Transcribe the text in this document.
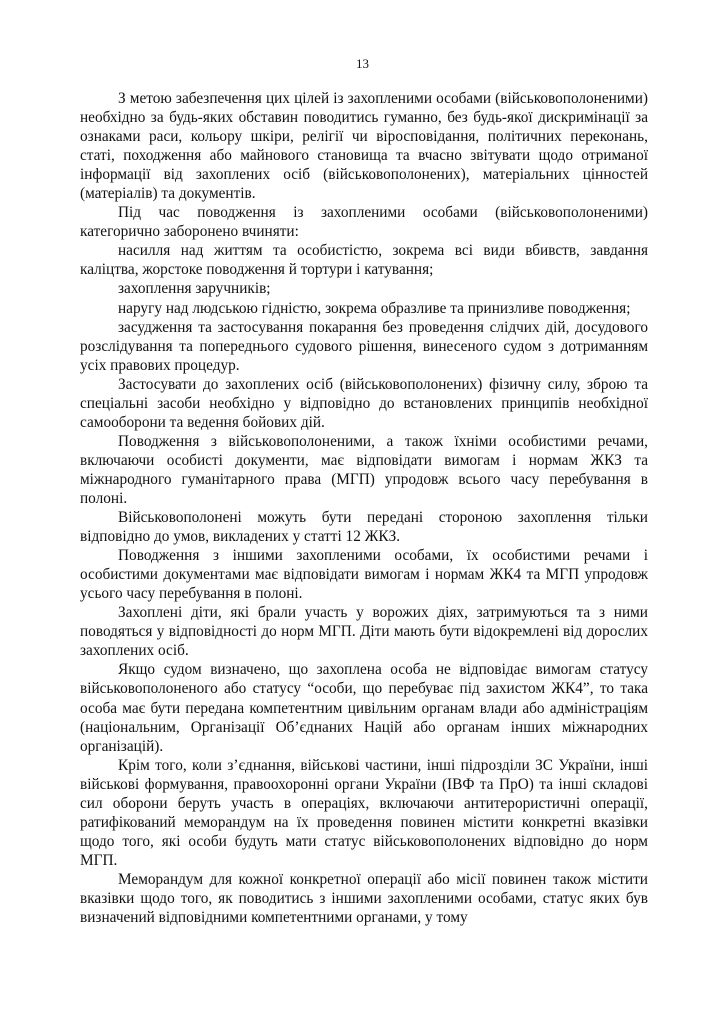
13

З метою забезпечення цих цілей із захопленими особами (військовополоненими) необхідно за будь-яких обставин поводитись гуманно, без будь-якої дискримінації за ознаками раси, кольору шкіри, релігії чи віросповідання, політичних переконань, статі, походження або майнового становища та вчасно звітувати щодо отриманої інформації від захоплених осіб (військовополонених), матеріальних цінностей (матеріалів) та документів.

Під час поводження із захопленими особами (військовополоненими) категорично заборонено вчиняти:

насилля над життям та особистістю, зокрема всі види вбивств, завдання каліцтва, жорстоке поводження й тортури і катування;

захоплення заручників;

наругу над людською гідністю, зокрема образливе та принизливе поводження;

засудження та застосування покарання без проведення слідчих дій, досудового розслідування та попереднього судового рішення, винесеного судом з дотриманням усіх правових процедур.

Застосувати до захоплених осіб (військовополонених) фізичну силу, зброю та спеціальні засоби необхідно у відповідно до встановлених принципів необхідної самооборони та ведення бойових дій.

Поводження з військовополоненими, а також їхніми особистими речами, включаючи особисті документи, має відповідати вимогам і нормам ЖКЗ та міжнародного гуманітарного права (МГП) упродовж всього часу перебування в полоні.

Військовополонені можуть бути передані стороною захоплення тільки відповідно до умов, викладених у статті 12 ЖКЗ.

Поводження з іншими захопленими особами, їх особистими речами і особистими документами має відповідати вимогам і нормам ЖК4 та МГП упродовж усього часу перебування в полоні.

Захоплені діти, які брали участь у ворожих діях, затримуються та з ними поводяться у відповідності до норм МГП. Діти мають бути відокремлені від дорослих захоплених осіб.

Якщо судом визначено, що захоплена особа не відповідає вимогам статусу військовополоненого або статусу “особи, що перебуває під захистом ЖК4”, то така особа має бути передана компетентним цивільним органам влади або адміністраціям (національним, Організації Об’єднаних Націй або органам інших міжнародних організацій).

Крім того, коли з’єднання, військові частини, інші підрозділи ЗС України, інші військові формування, правоохоронні органи України (ІВФ та ПрО) та інші складові сил оборони беруть участь в операціях, включаючи антитерористичні операції, ратифікований меморандум на їх проведення повинен містити конкретні вказівки щодо того, які особи будуть мати статус військовополонених відповідно до норм МГП.

Меморандум для кожної конкретної операції або місії повинен також містити вказівки щодо того, як поводитись з іншими захопленими особами, статус яких був визначений відповідними компетентними органами, у тому
